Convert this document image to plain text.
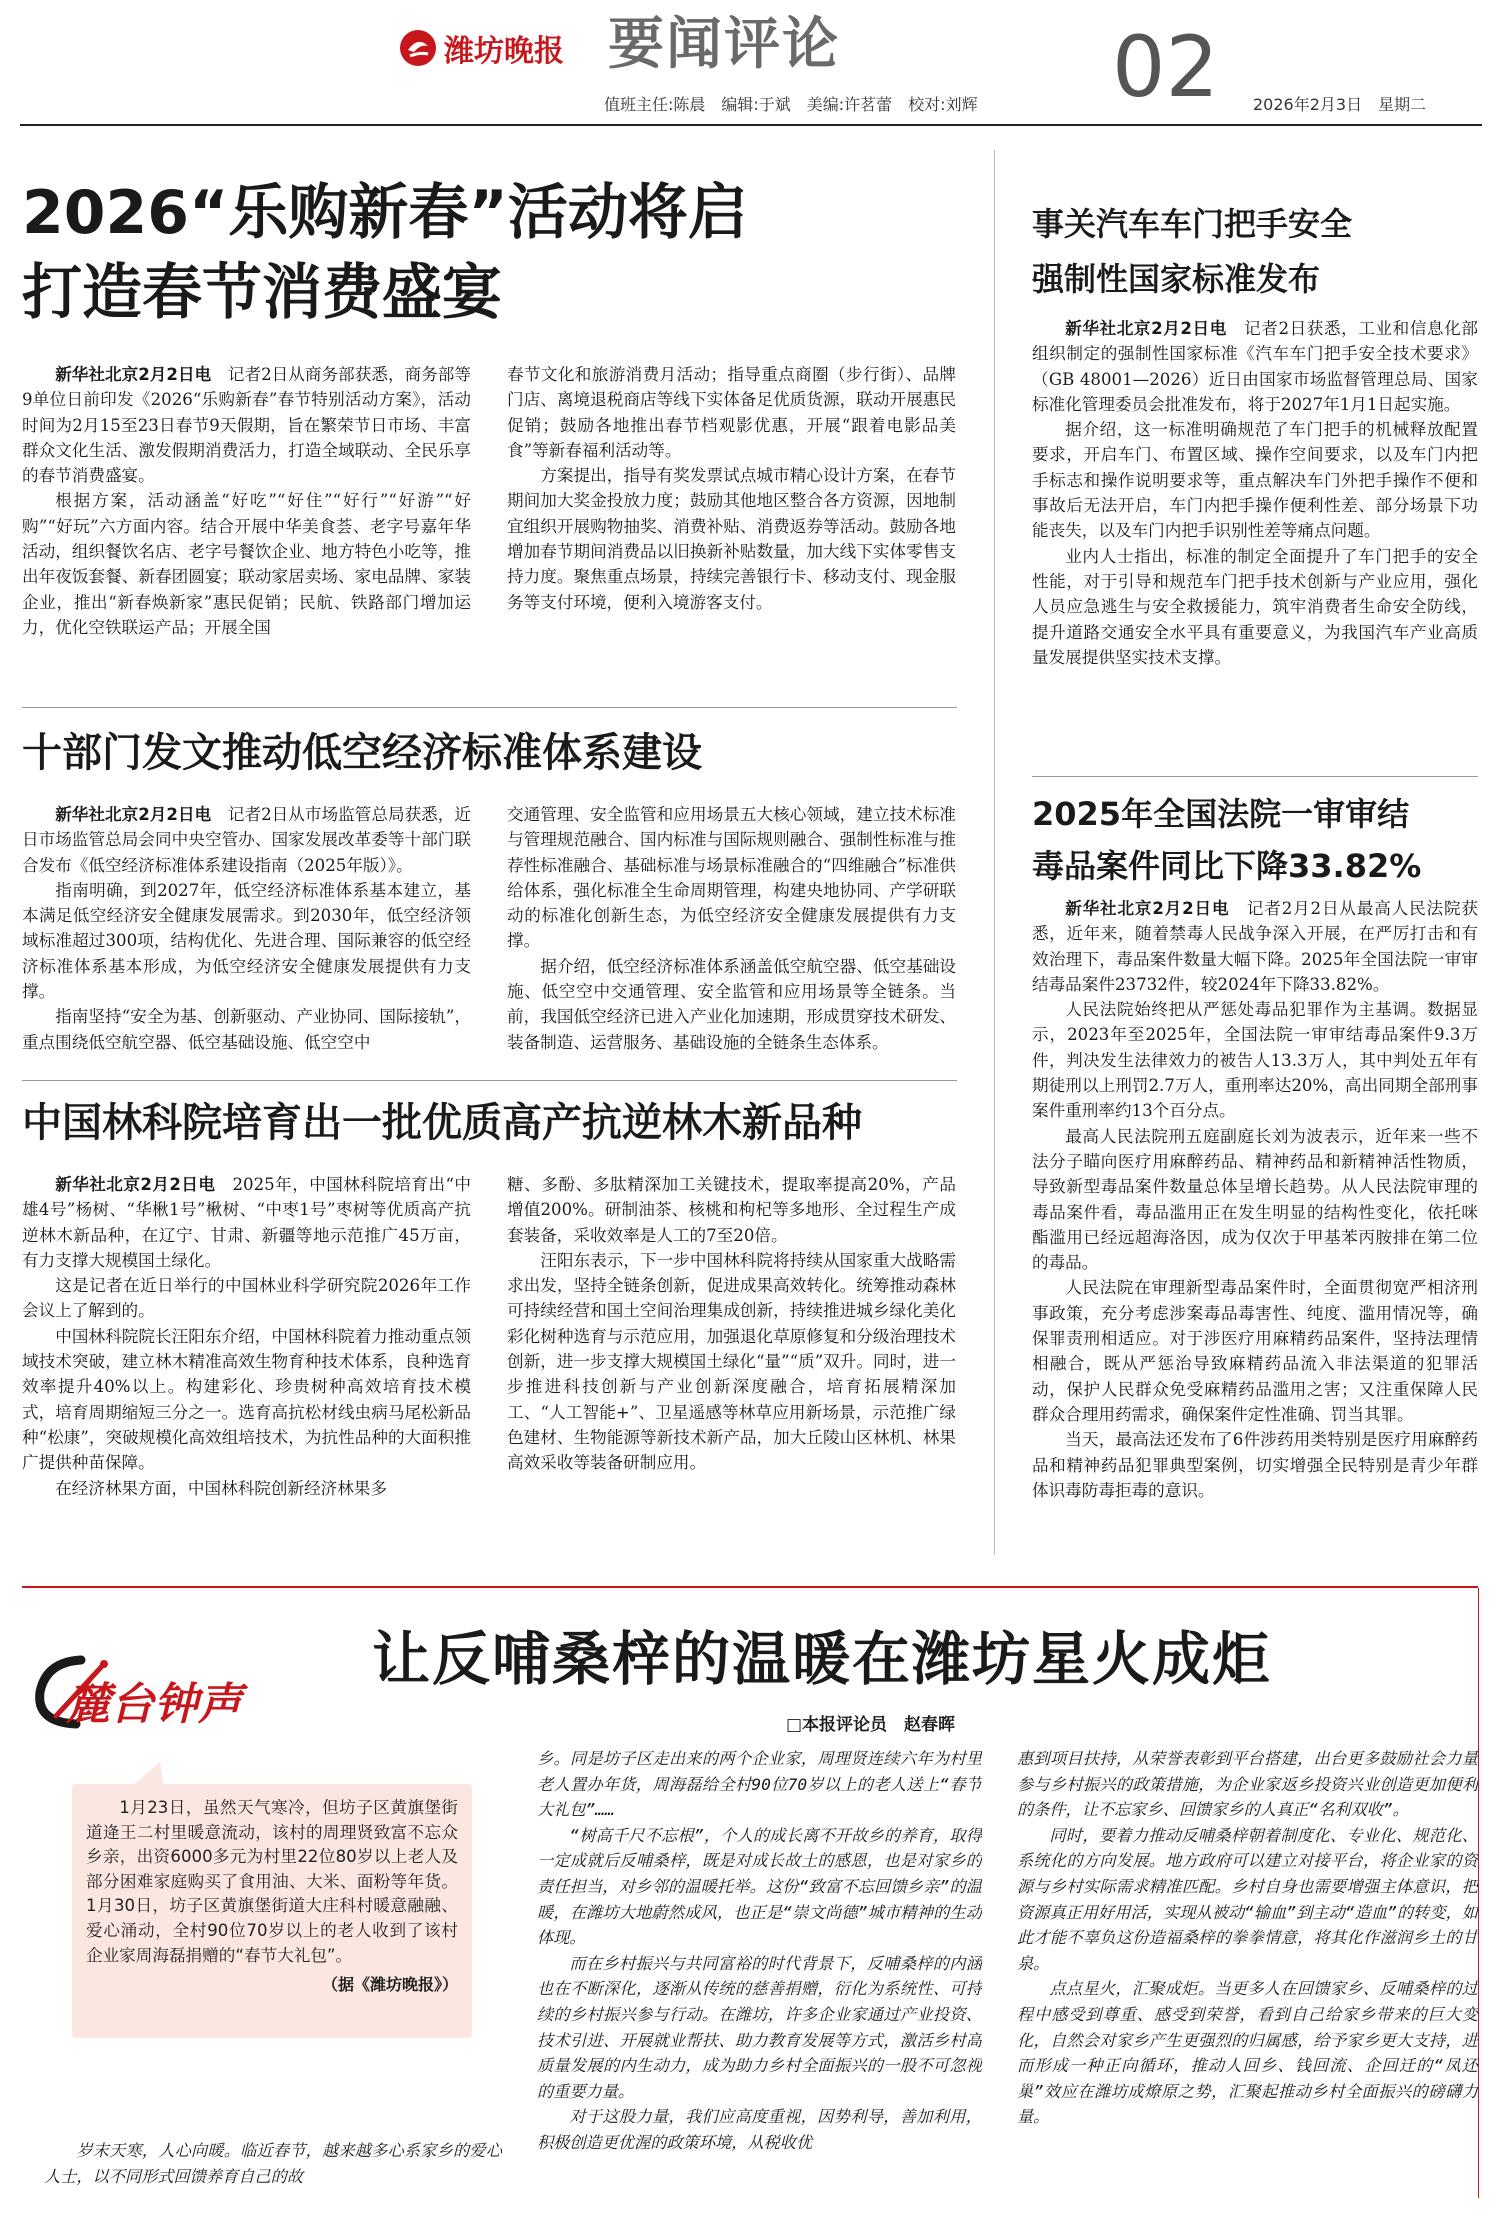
潍坊晚报 要闻评论
值班主任:陈晨　编辑:于斌　美编:许茗蕾　校对:刘辉 02 2026年2月3日　星期二
2026“乐购新春”活动将启
打造春节消费盛宴

新华社北京2月2日电　 记者2日从商务部获悉，商务部等9单位日前印发《2026“乐购新春”春节特别活动方案》，活动时间为2月15至23日春节9天假期，旨在繁荣节日市场、丰富群众文化生活、激发假期消费活力，打造全域联动、全民乐享的春节消费盛宴。

根据方案，活动涵盖“好吃”“好住”“好行”“好游”“好购”“好玩”六方面内容。结合开展中华美食荟、老字号嘉年华活动，组织餐饮名店、老字号餐饮企业、地方特色小吃等，推出年夜饭套餐、新春团圆宴；联动家居卖场、家电品牌、家装企业，推出“新春焕新家”惠民促销；民航、铁路部门增加运力，优化空铁联运产品；开展全国

春节文化和旅游消费月活动；指导重点商圈（步行街）、品牌门店、离境退税商店等线下实体备足优质货源，联动开展惠民促销；鼓励各地推出春节档观影优惠，开展“跟着电影品美食”等新春福利活动等。

方案提出，指导有奖发票试点城市精心设计方案，在春节期间加大奖金投放力度；鼓励其他地区整合各方资源，因地制宜组织开展购物抽奖、消费补贴、消费返券等活动。鼓励各地增加春节期间消费品以旧换新补贴数量，加大线下实体零售支持力度。聚焦重点场景，持续完善银行卡、移动支付、现金服务等支付环境，便利入境游客支付。

十部门发文推动低空经济标准体系建设

新华社北京2月2日电　 记者2日从市场监管总局获悉，近日市场监管总局会同中央空管办、国家发展改革委等十部门联合发布《低空经济标准体系建设指南（2025年版）》。

指南明确，到2027年，低空经济标准体系基本建立，基本满足低空经济安全健康发展需求。到2030年，低空经济领域标准超过300项，结构优化、先进合理、国际兼容的低空经济标准体系基本形成，为低空经济安全健康发展提供有力支撑。

指南坚持“安全为基、创新驱动、产业协同、国际接轨”，重点围绕低空航空器、低空基础设施、低空空中

交通管理、安全监管和应用场景五大核心领域，建立技术标准与管理规范融合、国内标准与国际规则融合、强制性标准与推荐性标准融合、基础标准与场景标准融合的“四维融合”标准供给体系，强化标准全生命周期管理，构建央地协同、产学研联动的标准化创新生态，为低空经济安全健康发展提供有力支撑。

据介绍，低空经济标准体系涵盖低空航空器、低空基础设施、低空空中交通管理、安全监管和应用场景等全链条。当前，我国低空经济已进入产业化加速期，形成贯穿技术研发、装备制造、运营服务、基础设施的全链条生态体系。

中国林科院培育出一批优质高产抗逆林木新品种

新华社北京2月2日电　 2025年，中国林科院培育出“中雄4号”杨树、“华楸1号”楸树、“中枣1号”枣树等优质高产抗逆林木新品种，在辽宁、甘肃、新疆等地示范推广45万亩，有力支撑大规模国土绿化。

这是记者在近日举行的中国林业科学研究院2026年工作会议上了解到的。

中国林科院院长汪阳东介绍，中国林科院着力推动重点领域技术突破，建立林木精准高效生物育种技术体系，良种选育效率提升40%以上。构建彩化、珍贵树种高效培育技术模式，培育周期缩短三分之一。选育高抗松材线虫病马尾松新品种“松康”，突破规模化高效组培技术，为抗性品种的大面积推广提供种苗保障。

在经济林果方面，中国林科院创新经济林果多

糖、多酚、多肽精深加工关键技术，提取率提高20%，产品增值200%。研制油茶、核桃和枸杞等多地形、全过程生产成套装备，采收效率是人工的7至20倍。

汪阳东表示，下一步中国林科院将持续从国家重大战略需求出发，坚持全链条创新，促进成果高效转化。统筹推动森林可持续经营和国土空间治理集成创新，持续推进城乡绿化美化彩化树种选育与示范应用，加强退化草原修复和分级治理技术创新，进一步支撑大规模国土绿化“量”“质”双升。同时，进一步推进科技创新与产业创新深度融合，培育拓展精深加工、“人工智能+”、卫星遥感等林草应用新场景，示范推广绿色建材、生物能源等新技术新产品，加大丘陵山区林机、林果高效采收等装备研制应用。

事关汽车车门把手安全
强制性国家标准发布

新华社北京2月2日电　 记者2日获悉，工业和信息化部组织制定的强制性国家标准《汽车车门把手安全技术要求》（GB 48001—2026）近日由国家市场监督管理总局、国家标准化管理委员会批准发布，将于2027年1月1日起实施。

据介绍，这一标准明确规范了车门把手的机械释放配置要求，开启车门、布置区域、操作空间要求，以及车门内把手标志和操作说明要求等，重点解决车门外把手操作不便和事故后无法开启，车门内把手操作便利性差、部分场景下功能丧失，以及车门内把手识别性差等痛点问题。

业内人士指出，标准的制定全面提升了车门把手的安全性能，对于引导和规范车门把手技术创新与产业应用，强化人员应急逃生与安全救援能力，筑牢消费者生命安全防线，提升道路交通安全水平具有重要意义，为我国汽车产业高质量发展提供坚实技术支撑。

2025年全国法院一审审结
毒品案件同比下降33.82%

新华社北京2月2日电　 记者2月2日从最高人民法院获悉，近年来，随着禁毒人民战争深入开展，在严厉打击和有效治理下，毒品案件数量大幅下降。2025年全国法院一审审结毒品案件23732件，较2024年下降33.82%。

人民法院始终把从严惩处毒品犯罪作为主基调。数据显示，2023年至2025年，全国法院一审审结毒品案件9.3万件，判决发生法律效力的被告人13.3万人，其中判处五年有期徒刑以上刑罚2.7万人，重刑率达20%，高出同期全部刑事案件重刑率约13个百分点。

最高人民法院刑五庭副庭长刘为波表示，近年来一些不法分子瞄向医疗用麻醉药品、精神药品和新精神活性物质，导致新型毒品案件数量总体呈增长趋势。从人民法院审理的毒品案件看，毒品滥用正在发生明显的结构性变化，依托咪酯滥用已经远超海洛因，成为仅次于甲基苯丙胺排在第二位的毒品。

人民法院在审理新型毒品案件时，全面贯彻宽严相济刑事政策，充分考虑涉案毒品毒害性、纯度、滥用情况等，确保罪责刑相适应。对于涉医疗用麻精药品案件，坚持法理情相融合，既从严惩治导致麻精药品流入非法渠道的犯罪活动，保护人民群众免受麻精药品滥用之害；又注重保障人民群众合理用药需求，确保案件定性准确、罚当其罪。

当天，最高法还发布了6件涉药用类特别是医疗用麻醉药品和精神药品犯罪典型案例，切实增强全民特别是青少年群体识毒防毒拒毒的意识。

麓台钟声
让反哺桑梓的温暖在潍坊星火成炬
□本报评论员　赵春晖

1月23日，虽然天气寒冷，但坊子区黄旗堡街道逄王二村里暖意流动，该村的周理贤致富不忘众乡亲，出资6000多元为村里22位80岁以上老人及部分困难家庭购买了食用油、大米、面粉等年货。1月30日，坊子区黄旗堡街道大庄科村暖意融融、爱心涌动，全村90位70岁以上的老人收到了该村企业家周海磊捐赠的“春节大礼包”。

（据《潍坊晚报》）

岁末天寒，人心向暖。临近春节，越来越多心系家乡的爱心人士，以不同形式回馈养育自己的故

乡。同是坊子区走出来的两个企业家，周理贤连续六年为村里老人置办年货，周海磊给全村90位70岁以上的老人送上“春节大礼包”……

“树高千尺不忘根”，个人的成长离不开故乡的养育，取得一定成就后反哺桑梓，既是对成长故土的感恩，也是对家乡的责任担当，对乡邻的温暖托举。这份“致富不忘回馈乡亲”的温暖，在潍坊大地蔚然成风，也正是“崇文尚德”城市精神的生动体现。

而在乡村振兴与共同富裕的时代背景下，反哺桑梓的内涵也在不断深化，逐渐从传统的慈善捐赠，衍化为系统性、可持续的乡村振兴参与行动。在潍坊，许多企业家通过产业投资、技术引进、开展就业帮扶、助力教育发展等方式，激活乡村高质量发展的内生动力，成为助力乡村全面振兴的一股不可忽视的重要力量。

对于这股力量，我们应高度重视，因势利导，善加利用，积极创造更优渥的政策环境，从税收优

惠到项目扶持，从荣誉表彰到平台搭建，出台更多鼓励社会力量参与乡村振兴的政策措施，为企业家返乡投资兴业创造更加便利的条件，让不忘家乡、回馈家乡的人真正“名利双收”。

同时，要着力推动反哺桑梓朝着制度化、专业化、规范化、系统化的方向发展。地方政府可以建立对接平台，将企业家的资源与乡村实际需求精准匹配。乡村自身也需要增强主体意识，把资源真正用好用活，实现从被动“输血”到主动“造血”的转变，如此才能不辜负这份造福桑梓的拳拳情意，将其化作滋润乡土的甘泉。

点点星火，汇聚成炬。当更多人在回馈家乡、反哺桑梓的过程中感受到尊重、感受到荣誉，看到自己给家乡带来的巨大变化，自然会对家乡产生更强烈的归属感，给予家乡更大支持，进而形成一种正向循环，推动人回乡、钱回流、企回迁的“凤还巢”效应在潍坊成燎原之势，汇聚起推动乡村全面振兴的磅礴力量。
